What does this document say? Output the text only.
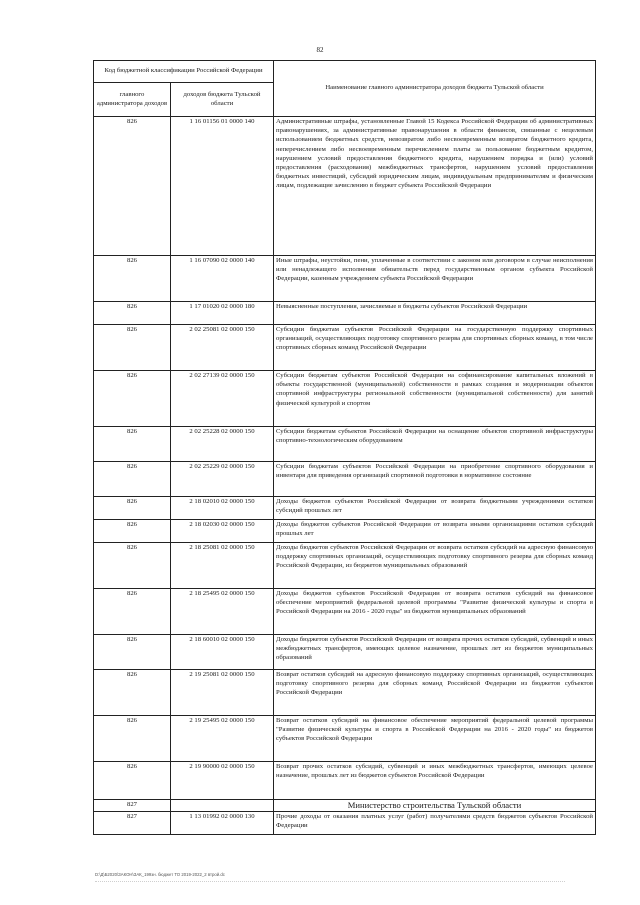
82
Код бюджетной классификации Российской Федерации		Наименование главного администратора доходов бюджета Тульской области
главного администратора доходов	доходов бюджета Тульской области	
826	1 16 01156 01 0000 140	Административные штрафы, установленные Главой 15 Кодекса Российской Федерации об административных правонарушениях, за административные правонарушения в области финансов, связанные с нецелевым использованием бюджетных средств, невозвратом либо несвоевременным возвратом бюджетного кредита, неперечислением либо несвоевременным перечислением платы за пользование бюджетным кредитом, нарушением условий предоставления бюджетного кредита, нарушением порядка и (или) условий предоставления (расходования) межбюджетных трансфертов, нарушением условий предоставления бюджетных инвестиций, субсидий юридическим лицам, индивидуальным предпринимателям и физическим лицам, подлежащие зачислению в бюджет субъекта Российской Федерации
826	1 16 07090 02 0000 140	Иные штрафы, неустойки, пени, уплаченные в соответствии с законом или договором в случае неисполнения или ненадлежащего исполнения обязательств перед государственным органом субъекта Российской Федерации, казенным учреждением субъекта Российской Федерации
826	1 17 01020 02 0000 180	Невыясненные поступления, зачисляемые в бюджеты субъектов Российской Федерации
826	2 02 25081 02 0000 150	Субсидии бюджетам субъектов Российской Федерации на государственную поддержку спортивных организаций, осуществляющих подготовку спортивного резерва для спортивных сборных команд, в том числе спортивных сборных команд Российской Федерации
826	2 02 27139 02 0000 150	Субсидии бюджетам субъектов Российской Федерации на софинансирование капитальных вложений в объекты государственной (муниципальной) собственности в рамках создания и модернизации объектов спортивной инфраструктуры региональной собственности (муниципальной собственности) для занятий физической культурой и спортом
826	2 02 25228 02 0000 150	Субсидии бюджетам субъектов Российской Федерации на оснащение объектов спортивной инфраструктуры спортивно-технологическим оборудованием
826	2 02 25229 02 0000 150	Субсидии бюджетам субъектов Российской Федерации на приобретение спортивного оборудования и инвентаря для приведения организаций спортивной подготовки в нормативное состояние
826	2 18 02010 02 0000 150	Доходы бюджетов субъектов Российской Федерации от возврата бюджетными учреждениями остатков субсидий прошлых лет
826	2 18 02030 02 0000 150	Доходы бюджетов субъектов Российской Федерации от возврата иными организациями остатков субсидий прошлых лет
826	2 18 25081 02 0000 150	Доходы бюджетов субъектов Российской Федерации от возврата остатков субсидий на адресную финансовую поддержку спортивных организаций, осуществляющих подготовку спортивного резерва для сборных команд Российской Федерации, из бюджетов муниципальных образований
826	2 18 25495 02 0000 150	Доходы бюджетов субъектов Российской Федерации от возврата остатков субсидий на финансовое обеспечение мероприятий федеральной целевой программы "Развитие физической культуры и спорта в Российской Федерации на 2016 - 2020 годы" из бюджетов муниципальных образований
826	2 18 60010 02 0000 150	Доходы бюджетов субъектов Российской Федерации от возврата прочих остатков субсидий, субвенций и иных межбюджетных трансфертов, имеющих целевое назначение, прошлых лет из бюджетов муниципальных образований
826	2 19 25081 02 0000 150	Возврат остатков субсидий на адресную финансовую поддержку спортивных организаций, осуществляющих подготовку спортивного резерва для сборных команд Российской Федерации из бюджетов субъектов Российской Федерации
826	2 19 25495 02 0000 150	Возврат остатков субсидий на финансовое обеспечение мероприятий федеральной целевой программы "Развитие физической культуры и спорта в Российской Федерации на 2016 - 2020 годы" из бюджетов субъектов Российской Федерации
826	2 19 90000 02 0000 150	Возврат прочих остатков субсидий, субвенций и иных межбюджетных трансфертов, имеющих целевое назначение, прошлых лет из бюджетов субъектов Российской Федерации
827		Министерство строительства Тульской области
827	1 13 01992 02 0000 130	Прочие доходы от оказания платных услуг (работ) получателями средств бюджетов субъектов Российской Федерации
D:\Д\Б2020\ЗАКОН\ЗАК_199зн. бюджет ТО 2019-2022_2 втрой.dc
